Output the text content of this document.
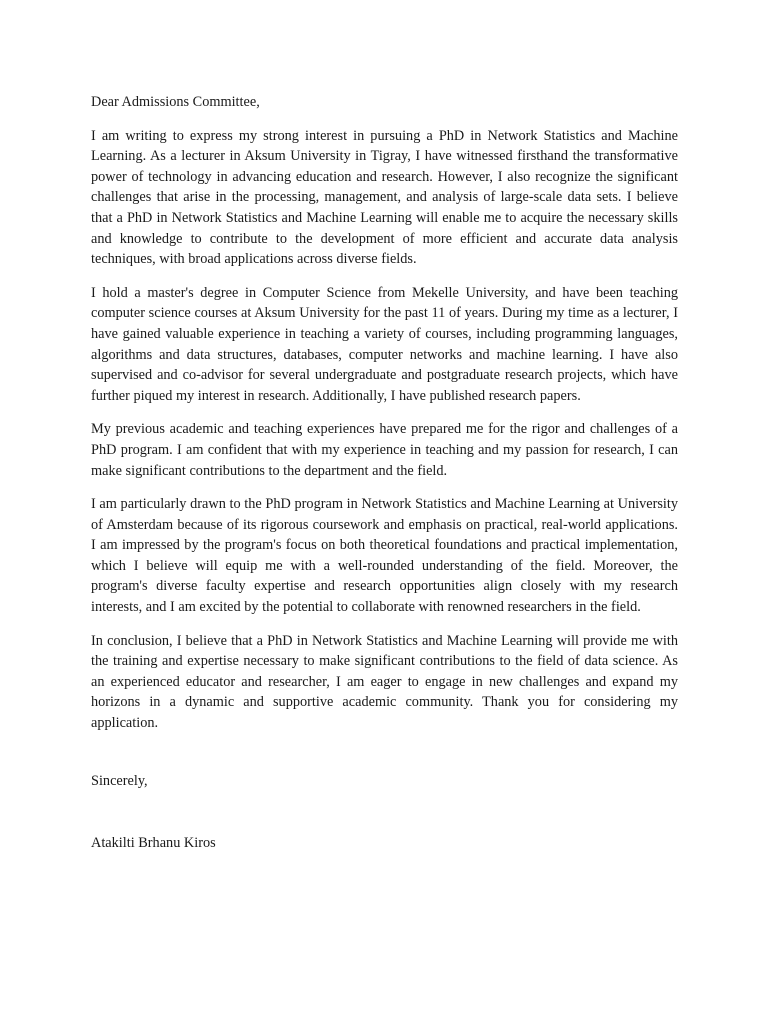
Dear Admissions Committee,

I am writing to express my strong interest in pursuing a PhD in Network Statistics and Machine Learning. As a lecturer in Aksum University in Tigray, I have witnessed firsthand the transformative power of technology in advancing education and research. However, I also recognize the significant challenges that arise in the processing, management, and analysis of large-scale data sets. I believe that a PhD in Network Statistics and Machine Learning will enable me to acquire the necessary skills and knowledge to contribute to the development of more efficient and accurate data analysis techniques, with broad applications across diverse fields.

I hold a master's degree in Computer Science from Mekelle University, and have been teaching computer science courses at Aksum University for the past 11 of years. During my time as a lecturer, I have gained valuable experience in teaching a variety of courses, including programming languages, algorithms and data structures, databases, computer networks and machine learning. I have also supervised and co-advisor for several undergraduate and postgraduate research projects, which have further piqued my interest in research. Additionally, I have published research papers.

My previous academic and teaching experiences have prepared me for the rigor and challenges of a PhD program. I am confident that with my experience in teaching and my passion for research, I can make significant contributions to the department and the field.

I am particularly drawn to the PhD program in Network Statistics and Machine Learning at University of Amsterdam because of its rigorous coursework and emphasis on practical, real-world applications. I am impressed by the program's focus on both theoretical foundations and practical implementation, which I believe will equip me with a well-rounded understanding of the field. Moreover, the program's diverse faculty expertise and research opportunities align closely with my research interests, and I am excited by the potential to collaborate with renowned researchers in the field.

In conclusion, I believe that a PhD in Network Statistics and Machine Learning will provide me with the training and expertise necessary to make significant contributions to the field of data science. As an experienced educator and researcher, I am eager to engage in new challenges and expand my horizons in a dynamic and supportive academic community. Thank you for considering my application.

Sincerely,

Atakilti Brhanu Kiros
